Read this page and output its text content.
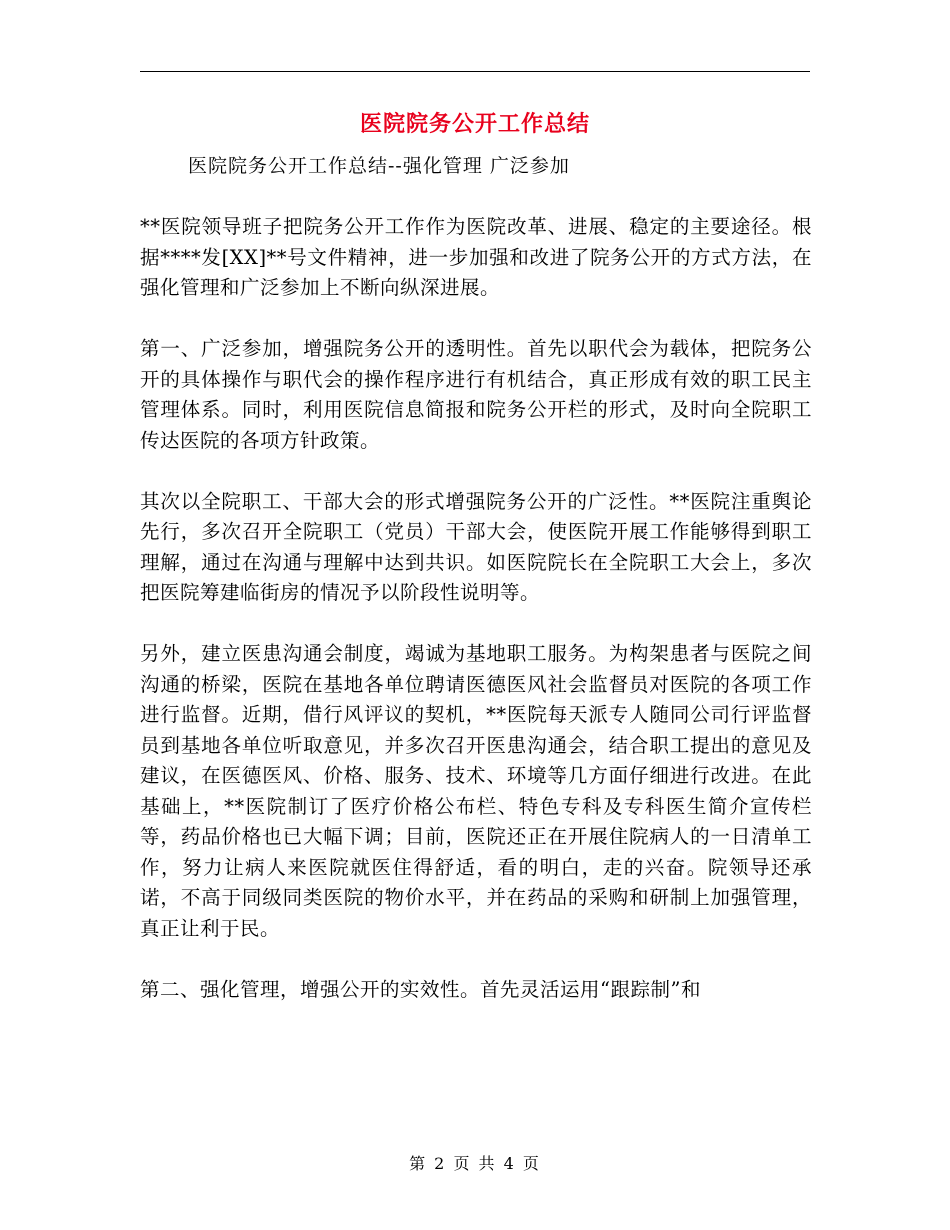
医院院务公开工作总结

医院院务公开工作总结--强化管理 广泛参加

**医院领导班子把院务公开工作作为医院改革、进展、稳定的主要途径。根据****发[XX]**号文件精神，进一步加强和改进了院务公开的方式方法，在强化管理和广泛参加上不断向纵深进展。

第一、广泛参加，增强院务公开的透明性。首先以职代会为载体，把院务公开的具体操作与职代会的操作程序进行有机结合，真正形成有效的职工民主管理体系。同时，利用医院信息简报和院务公开栏的形式，及时向全院职工传达医院的各项方针政策。

其次以全院职工、干部大会的形式增强院务公开的广泛性。**医院注重舆论先行，多次召开全院职工（党员）干部大会，使医院开展工作能够得到职工理解，通过在沟通与理解中达到共识。如医院院长在全院职工大会上，多次把医院筹建临街房的情况予以阶段性说明等。

另外，建立医患沟通会制度，竭诚为基地职工服务。为构架患者与医院之间沟通的桥梁，医院在基地各单位聘请医德医风社会监督员对医院的各项工作进行监督。近期，借行风评议的契机，**医院每天派专人随同公司行评监督员到基地各单位听取意见，并多次召开医患沟通会，结合职工提出的意见及建议，在医德医风、价格、服务、技术、环境等几方面仔细进行改进。在此基础上，**医院制订了医疗价格公布栏、特色专科及专科医生简介宣传栏等，药品价格也已大幅下调；目前，医院还正在开展住院病人的一日清单工作，努力让病人来医院就医住得舒适，看的明白，走的兴奋。院领导还承诺，不高于同级同类医院的物价水平，并在药品的采购和研制上加强管理，真正让利于民。

第二、强化管理，增强公开的实效性。首先灵活运用“跟踪制”和

第 2 页 共 4 页
